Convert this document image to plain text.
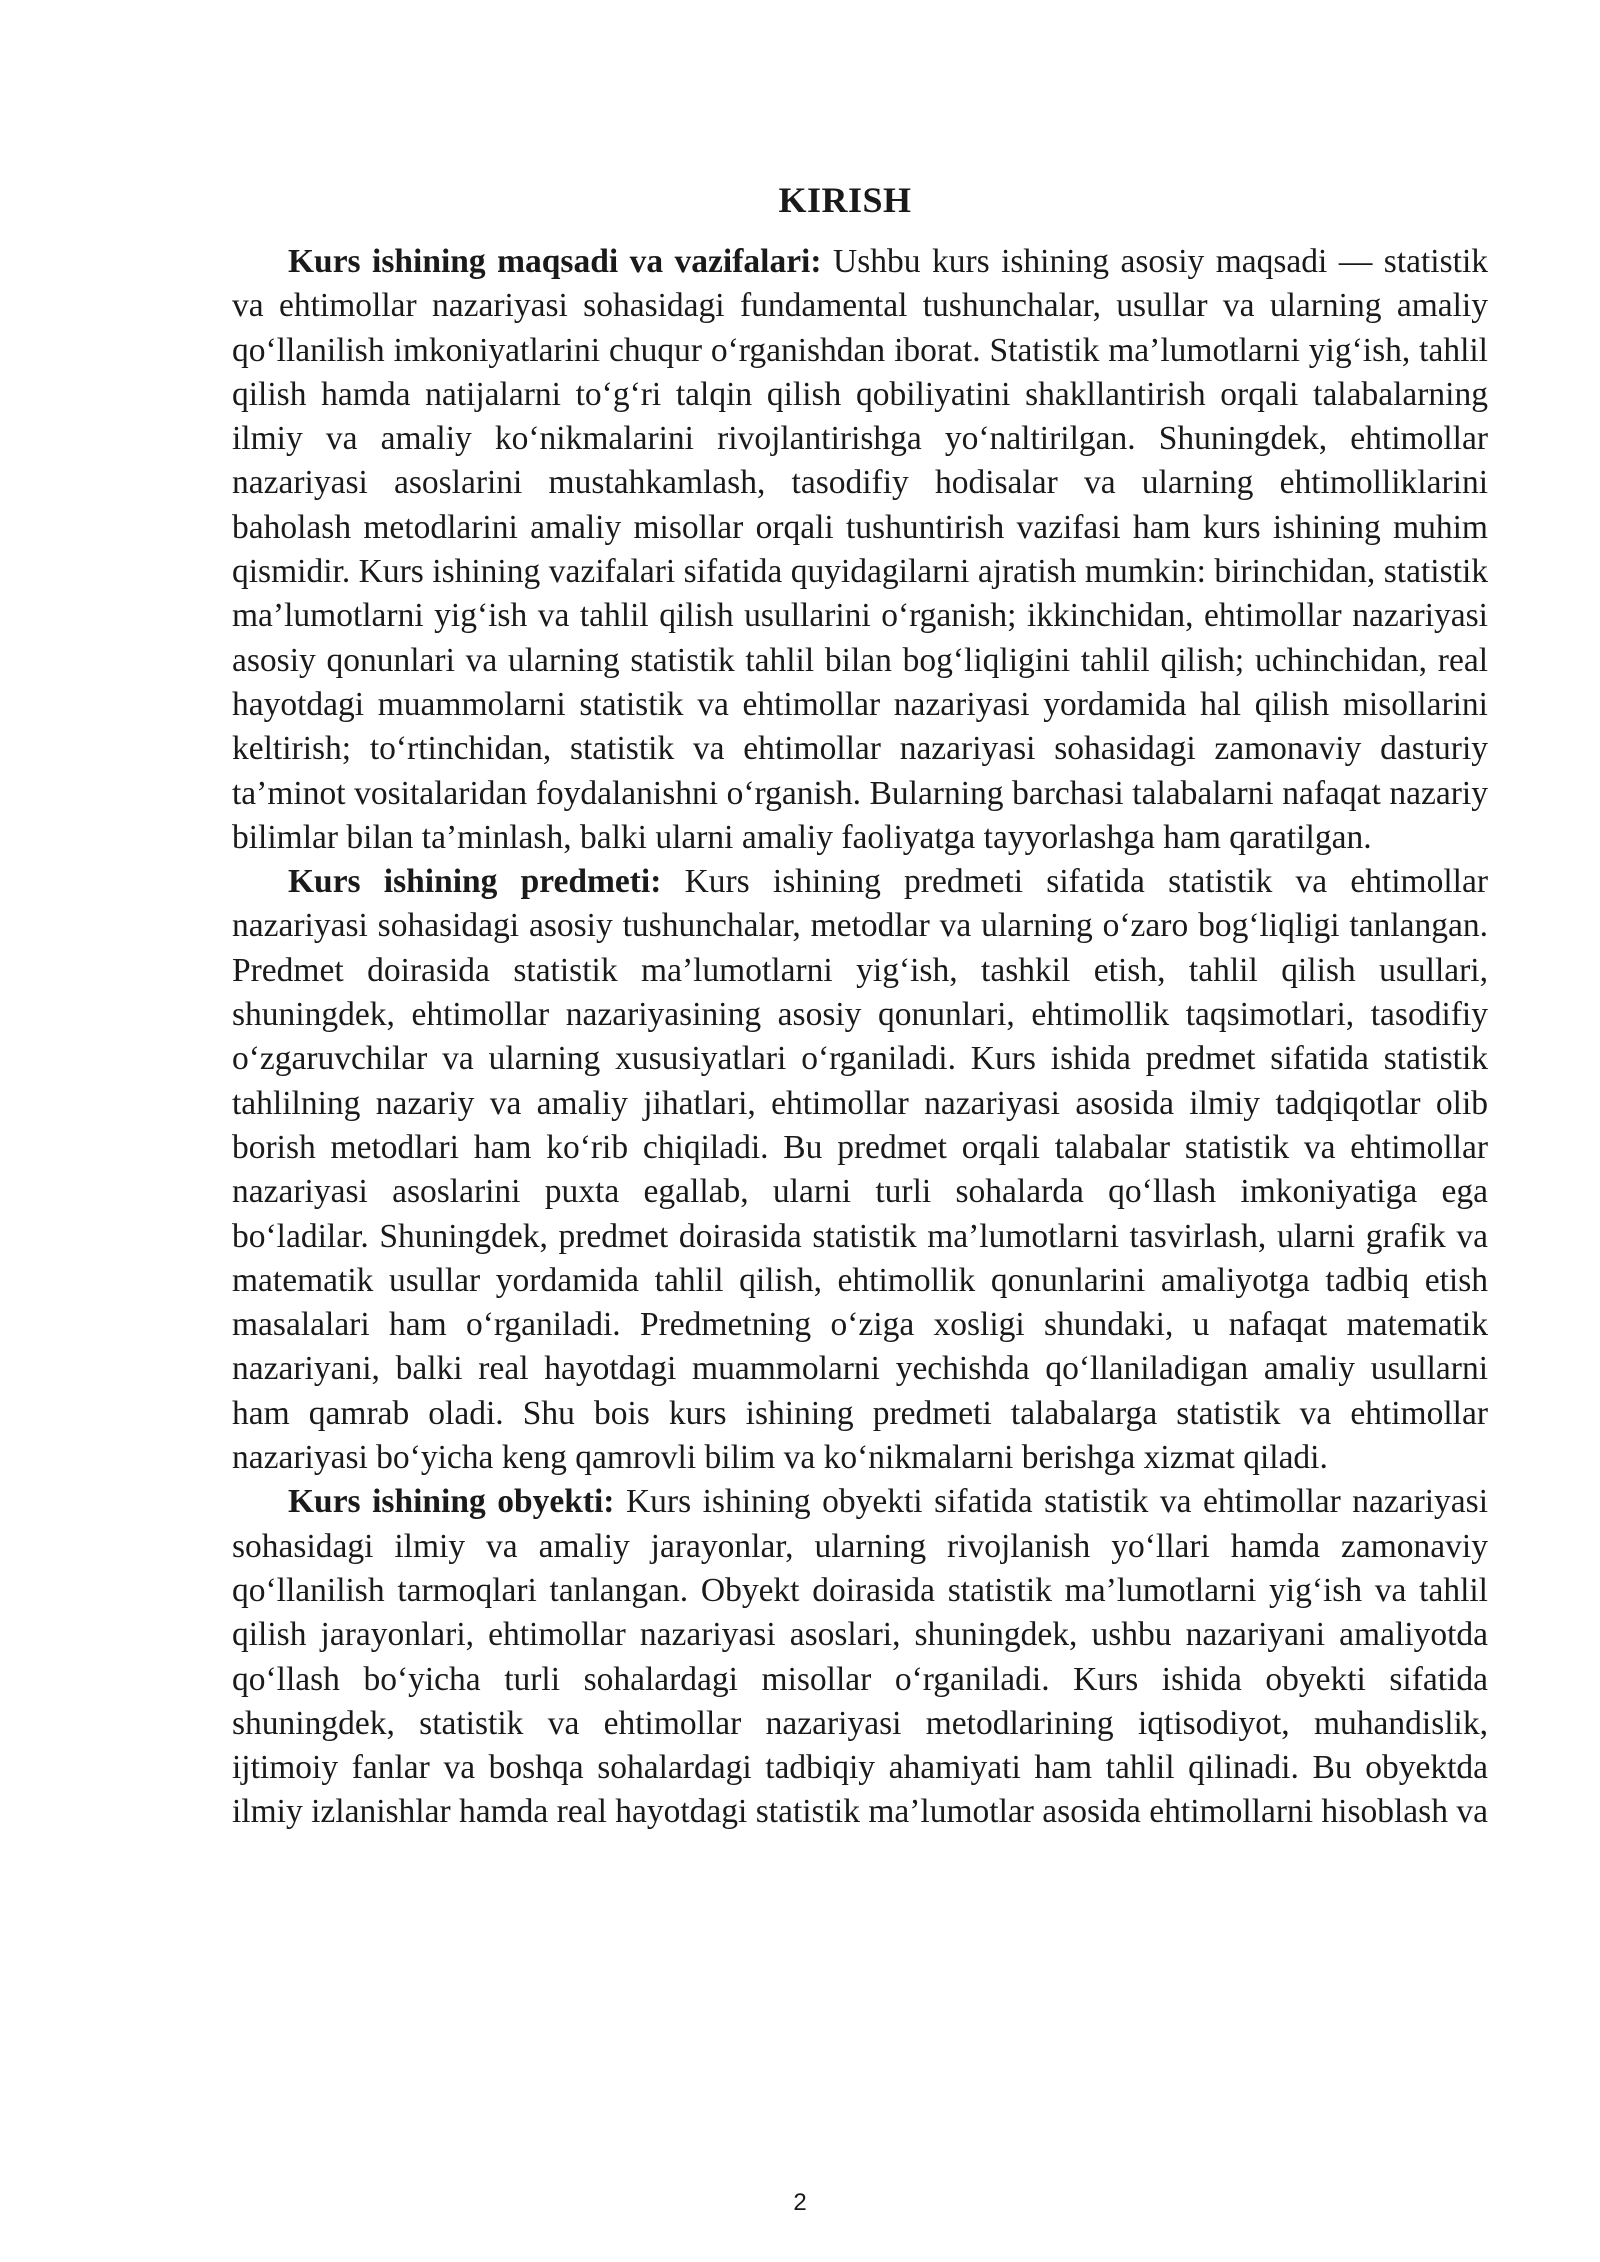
KIRISH

Kurs ishining maqsadi va vazifalari: Ushbu kurs ishining asosiy maqsadi — statistik va ehtimollar nazariyasi sohasidagi fundamental tushunchalar, usullar va ularning amaliy qo‘llanilish imkoniyatlarini chuqur o‘rganishdan iborat. Statistik ma’lumotlarni yig‘ish, tahlil qilish hamda natijalarni to‘g‘ri talqin qilish qobiliyatini shakllantirish orqali talabalarning ilmiy va amaliy ko‘nikmalarini rivojlantirishga yo‘naltirilgan. Shuningdek, ehtimollar nazariyasi asoslarini mustahkamlash, tasodifiy hodisalar va ularning ehtimolliklarini baholash metodlarini amaliy misollar orqali tushuntirish vazifasi ham kurs ishining muhim qismidir. Kurs ishining vazifalari sifatida quyidagilarni ajratish mumkin: birinchidan, statistik ma’lumotlarni yig‘ish va tahlil qilish usullarini o‘rganish; ikkinchidan, ehtimollar nazariyasi asosiy qonunlari va ularning statistik tahlil bilan bog‘liqligini tahlil qilish; uchinchidan, real hayotdagi muammolarni statistik va ehtimollar nazariyasi yordamida hal qilish misollarini keltirish; to‘rtinchidan, statistik va ehtimollar nazariyasi sohasidagi zamonaviy dasturiy ta’minot vositalaridan foydalanishni o‘rganish. Bularning barchasi talabalarni nafaqat nazariy bilimlar bilan ta’minlash, balki ularni amaliy faoliyatga tayyorlashga ham qaratilgan.

Kurs ishining predmeti: Kurs ishining predmeti sifatida statistik va ehtimollar nazariyasi sohasidagi asosiy tushunchalar, metodlar va ularning o‘zaro bog‘liqligi tanlangan. Predmet doirasida statistik ma’lumotlarni yig‘ish, tashkil etish, tahlil qilish usullari, shuningdek, ehtimollar nazariyasining asosiy qonunlari, ehtimollik taqsimotlari, tasodifiy o‘zgaruvchilar va ularning xususiyatlari o‘rganiladi. Kurs ishida predmet sifatida statistik tahlilning nazariy va amaliy jihatlari, ehtimollar nazariyasi asosida ilmiy tadqiqotlar olib borish metodlari ham ko‘rib chiqiladi. Bu predmet orqali talabalar statistik va ehtimollar nazariyasi asoslarini puxta egallab, ularni turli sohalarda qo‘llash imkoniyatiga ega bo‘ladilar. Shuningdek, predmet doirasida statistik ma’lumotlarni tasvirlash, ularni grafik va matematik usullar yordamida tahlil qilish, ehtimollik qonunlarini amaliyotga tadbiq etish masalalari ham o‘rganiladi. Predmetning o‘ziga xosligi shundaki, u nafaqat matematik nazariyani, balki real hayotdagi muammolarni yechishda qo‘llaniladigan amaliy usullarni ham qamrab oladi. Shu bois kurs ishining predmeti talabalarga statistik va ehtimollar nazariyasi bo‘yicha keng qamrovli bilim va ko‘nikmalarni berishga xizmat qiladi.

Kurs ishining obyekti: Kurs ishining obyekti sifatida statistik va ehtimollar nazariyasi sohasidagi ilmiy va amaliy jarayonlar, ularning rivojlanish yo‘llari hamda zamonaviy qo‘llanilish tarmoqlari tanlangan. Obyekt doirasida statistik ma’lumotlarni yig‘ish va tahlil qilish jarayonlari, ehtimollar nazariyasi asoslari, shuningdek, ushbu nazariyani amaliyotda qo‘llash bo‘yicha turli sohalardagi misollar o‘rganiladi. Kurs ishida obyekti sifatida shuningdek, statistik va ehtimollar nazariyasi metodlarining iqtisodiyot, muhandislik, ijtimoiy fanlar va boshqa sohalardagi tadbiqiy ahamiyati ham tahlil qilinadi. Bu obyektda ilmiy izlanishlar hamda real hayotdagi statistik ma’lumotlar asosida ehtimollarni hisoblash va

2
